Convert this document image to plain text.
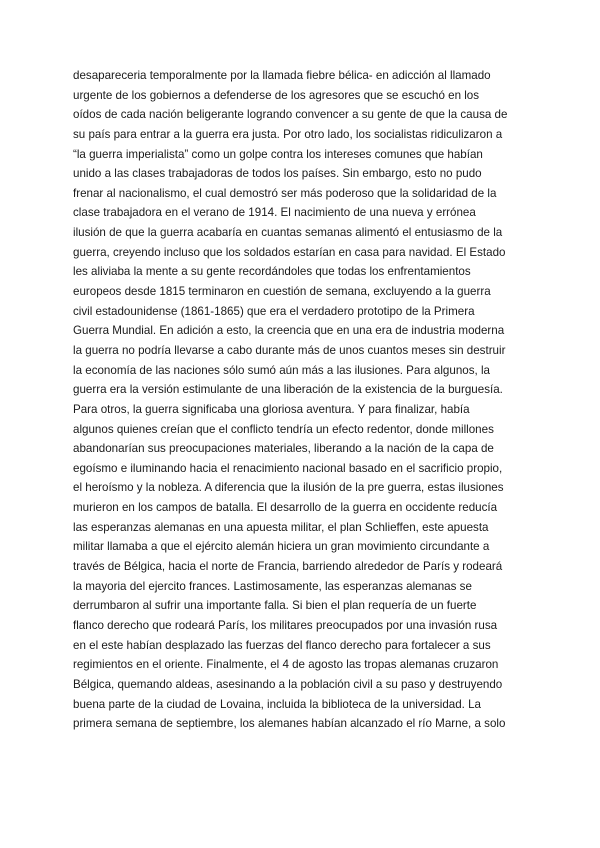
desapareceria temporalmente por la llamada fiebre bélica- en adicción al llamado
urgente de los gobiernos a defenderse de los agresores que se escuchó en los
oídos de cada nación beligerante logrando convencer a su gente de que la causa de
su país para entrar a la guerra era justa. Por otro lado, los socialistas ridiculizaron a
“la guerra imperialista” como un golpe contra los intereses comunes que habían
unido a las clases trabajadoras de todos los países. Sin embargo, esto no pudo
frenar al nacionalismo, el cual demostró ser más poderoso que la solidaridad de la
clase trabajadora en el verano de 1914. El nacimiento de una nueva y errónea
ilusión de que la guerra acabaría en cuantas semanas alimentó el entusiasmo de la
guerra, creyendo incluso que los soldados estarían en casa para navidad. El Estado
les aliviaba la mente a su gente recordándoles que todas los enfrentamientos
europeos desde 1815 terminaron en cuestión de semana, excluyendo a la guerra
civil estadounidense (1861-1865) que era el verdadero prototipo de la Primera
Guerra Mundial. En adición a esto, la creencia que en una era de industria moderna
la guerra no podría llevarse a cabo durante más de unos cuantos meses sin destruir
la economía de las naciones sólo sumó aún más a las ilusiones. Para algunos, la
guerra era la versión estimulante de una liberación de la existencia de la burguesía.
Para otros, la guerra significaba una gloriosa aventura. Y para finalizar, había
algunos quienes creían que el conflicto tendría un efecto redentor, donde millones
abandonarían sus preocupaciones materiales, liberando a la nación de la capa de
egoísmo e iluminando hacia el renacimiento nacional basado en el sacrificio propio,
el heroísmo y la nobleza. A diferencia que la ilusión de la pre guerra, estas ilusiones
murieron en los campos de batalla. El desarrollo de la guerra en occidente reducía
las esperanzas alemanas en una apuesta militar, el plan Schlieffen, este apuesta
militar llamaba a que el ejército alemán hiciera un gran movimiento circundante a
través de Bélgica, hacia el norte de Francia, barriendo alrededor de París y rodeará
la mayoria del ejercito frances. Lastimosamente, las esperanzas alemanas se
derrumbaron al sufrir una importante falla. Si bien el plan requería de un fuerte
flanco derecho que rodeará París, los militares preocupados por una invasión rusa
en el este habían desplazado las fuerzas del flanco derecho para fortalecer a sus
regimientos en el oriente. Finalmente, el 4 de agosto las tropas alemanas cruzaron
Bélgica, quemando aldeas, asesinando a la población civil a su paso y destruyendo
buena parte de la ciudad de Lovaina, incluida la biblioteca de la universidad. La
primera semana de septiembre, los alemanes habían alcanzado el río Marne, a solo
